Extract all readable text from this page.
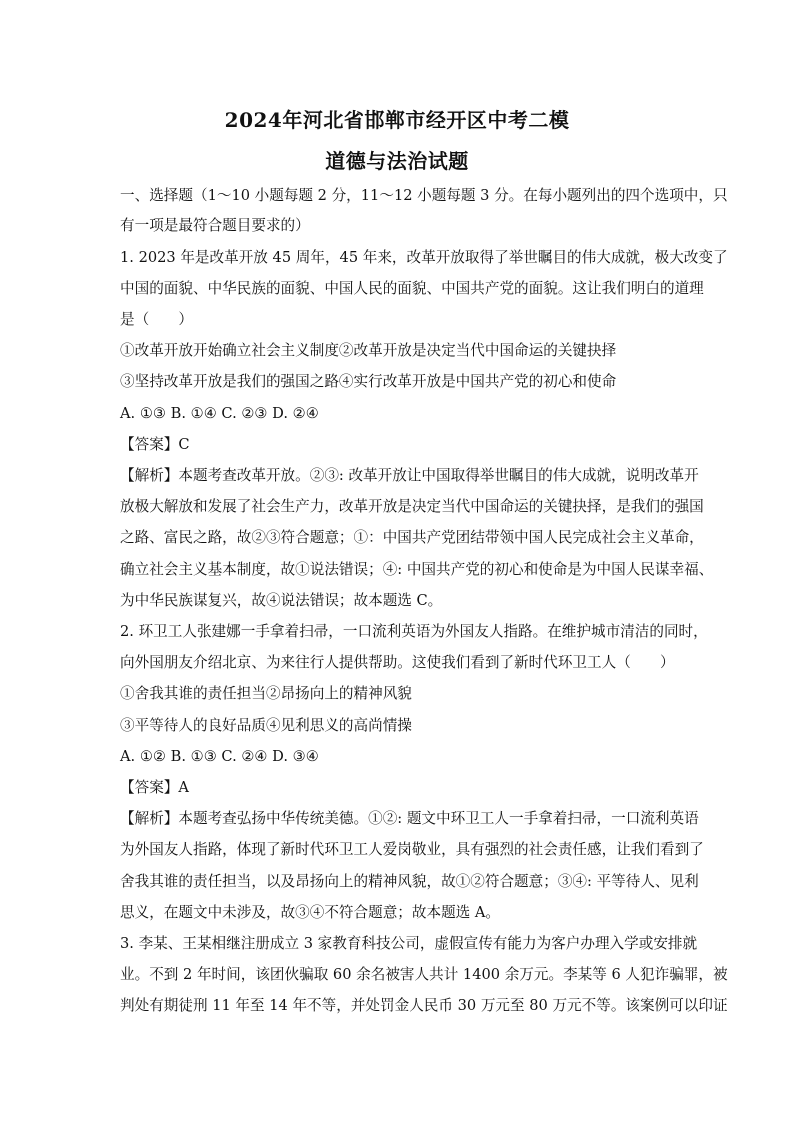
2024年河北省邯郸市经开区中考二模
道德与法治试题
一、选择题（1～10 小题每题 2 分，11～12 小题每题 3 分。在每小题列出的四个选项中，只
有一项是最符合题目要求的）
1. 2023 年是改革开放 45 周年，45 年来，改革开放取得了举世瞩目的伟大成就，极大改变了
中国的面貌、中华民族的面貌、中国人民的面貌、中国共产党的面貌。这让我们明白的道理
是（　　）
①改革开放开始确立社会主义制度②改革开放是决定当代中国命运的关键抉择
③坚持改革开放是我们的强国之路④实行改革开放是中国共产党的初心和使命
A. ①③ B. ①④ C. ②③ D. ②④
【答案】C
【解析】本题考查改革开放。②③: 改革开放让中国取得举世瞩目的伟大成就，说明改革开
放极大解放和发展了社会生产力，改革开放是决定当代中国命运的关键抉择，是我们的强国
之路、富民之路，故②③符合题意；①：中国共产党团结带领中国人民完成社会主义革命，
确立社会主义基本制度，故①说法错误；④: 中国共产党的初心和使命是为中国人民谋幸福、
为中华民族谋复兴，故④说法错误；故本题选 C。
2. 环卫工人张建娜一手拿着扫帚，一口流利英语为外国友人指路。在维护城市清洁的同时，
向外国朋友介绍北京、为来往行人提供帮助。这使我们看到了新时代环卫工人（　　）
①舍我其谁的责任担当②昂扬向上的精神风貌
③平等待人的良好品质④见利思义的高尚情操
A. ①② B. ①③ C. ②④ D. ③④
【答案】A
【解析】本题考查弘扬中华传统美德。①②: 题文中环卫工人一手拿着扫帚，一口流利英语
为外国友人指路，体现了新时代环卫工人爱岗敬业，具有强烈的社会责任感，让我们看到了
舍我其谁的责任担当，以及昂扬向上的精神风貌，故①②符合题意；③④: 平等待人、见利
思义，在题文中未涉及，故③④不符合题意；故本题选 A。
3. 李某、王某相继注册成立 3 家教育科技公司，虚假宣传有能力为客户办理入学或安排就
业。不到 2 年时间，该团伙骗取 60 余名被害人共计 1400 余万元。李某等 6 人犯诈骗罪，被
判处有期徒刑 11 年至 14 年不等，并处罚金人民币 30 万元至 80 万元不等。该案例可以印证
